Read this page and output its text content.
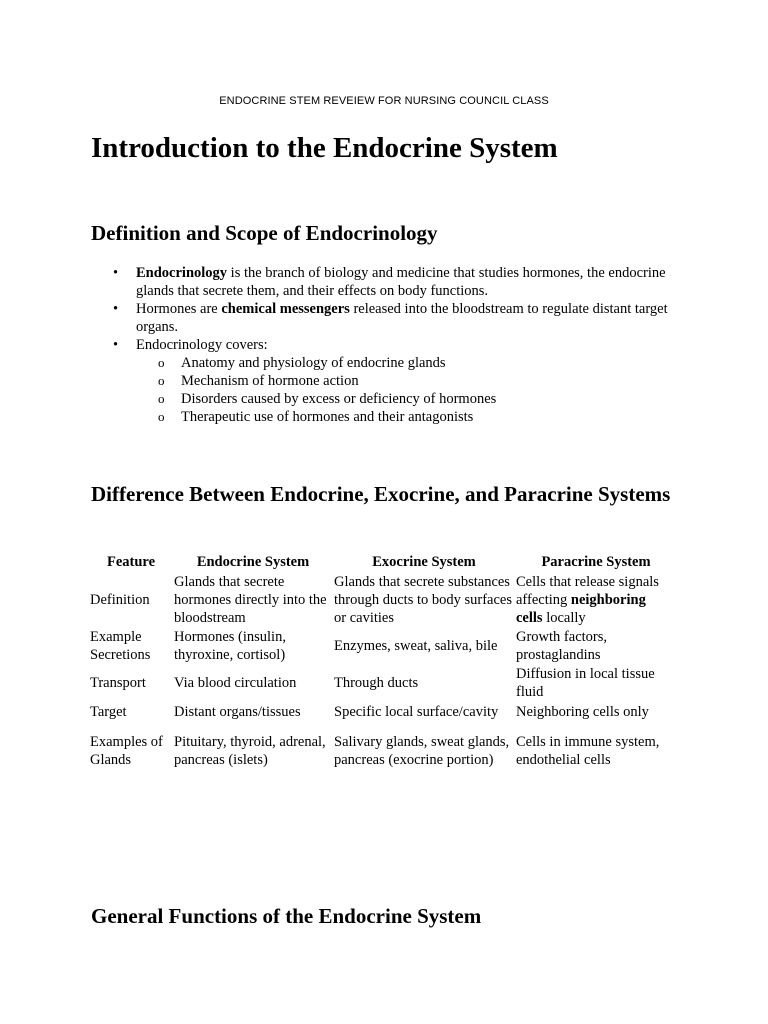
ENDOCRINE STEM REVEIEW FOR NURSING COUNCIL CLASS
Introduction to the Endocrine System
Definition and Scope of Endocrinology
• Endocrinology is the branch of biology and medicine that studies hormones, the endocrine glands that secrete them, and their effects on body functions.
• Hormones are chemical messengers released into the bloodstream to regulate distant target organs.
• Endocrinology covers:
o Anatomy and physiology of endocrine glands
o Mechanism of hormone action
o Disorders caused by excess or deficiency of hormones
o Therapeutic use of hormones and their antagonists
Difference Between Endocrine, Exocrine, and Paracrine Systems
Feature	Endocrine System	Exocrine System	Paracrine System
Definition	Glands that secrete hormones directly into the bloodstream	Glands that secrete substances through ducts to body surfaces or cavities	Cells that release signals affecting neighboring cells locally
Example Secretions	Hormones (insulin, thyroxine, cortisol)	Enzymes, sweat, saliva, bile	Growth factors, prostaglandins
Transport	Via blood circulation	Through ducts	Diffusion in local tissue fluid
Target	Distant organs/tissues	Specific local surface/cavity	Neighboring cells only
Examples of Glands	Pituitary, thyroid, adrenal, pancreas (islets)	Salivary glands, sweat glands, pancreas (exocrine portion)	Cells in immune system, endothelial cells
General Functions of the Endocrine System
